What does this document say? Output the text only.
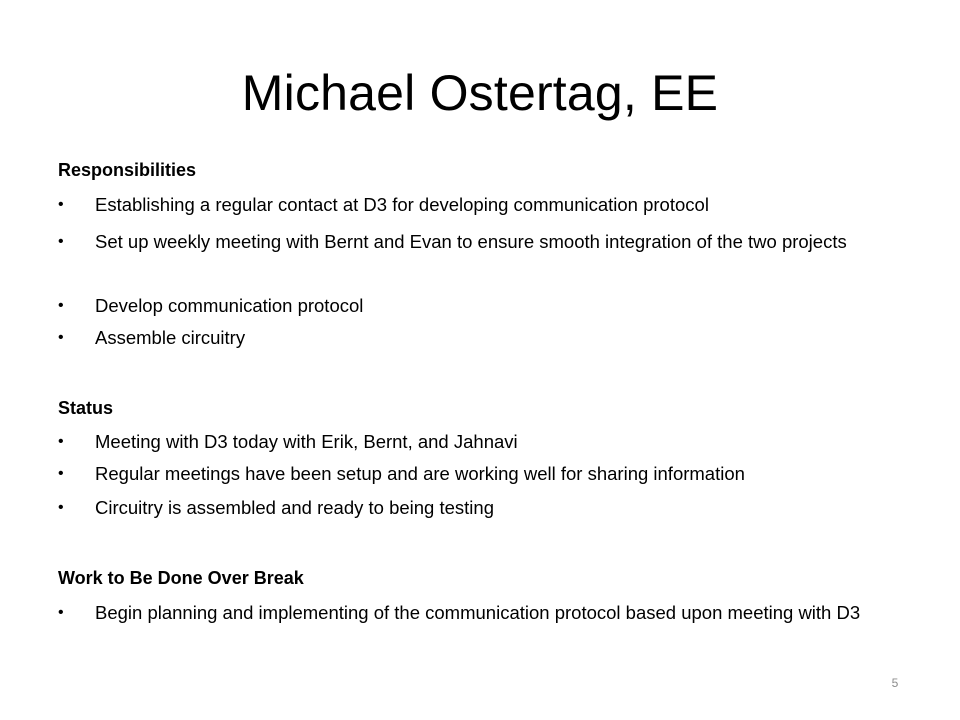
Michael Ostertag, EE
Responsibilities
•	Establishing a regular contact at D3 for developing communication protocol
•	Set up weekly meeting with Bernt and Evan to ensure smooth integration of the two projects
•	Develop communication protocol
•	Assemble circuitry
Status
•	Meeting with D3 today with Erik, Bernt, and Jahnavi
•	Regular meetings have been setup and are working well for sharing information
•	Circuitry is assembled and ready to being testing
Work to Be Done Over Break
•	Begin planning and implementing of the communication protocol based upon meeting with D3
5
